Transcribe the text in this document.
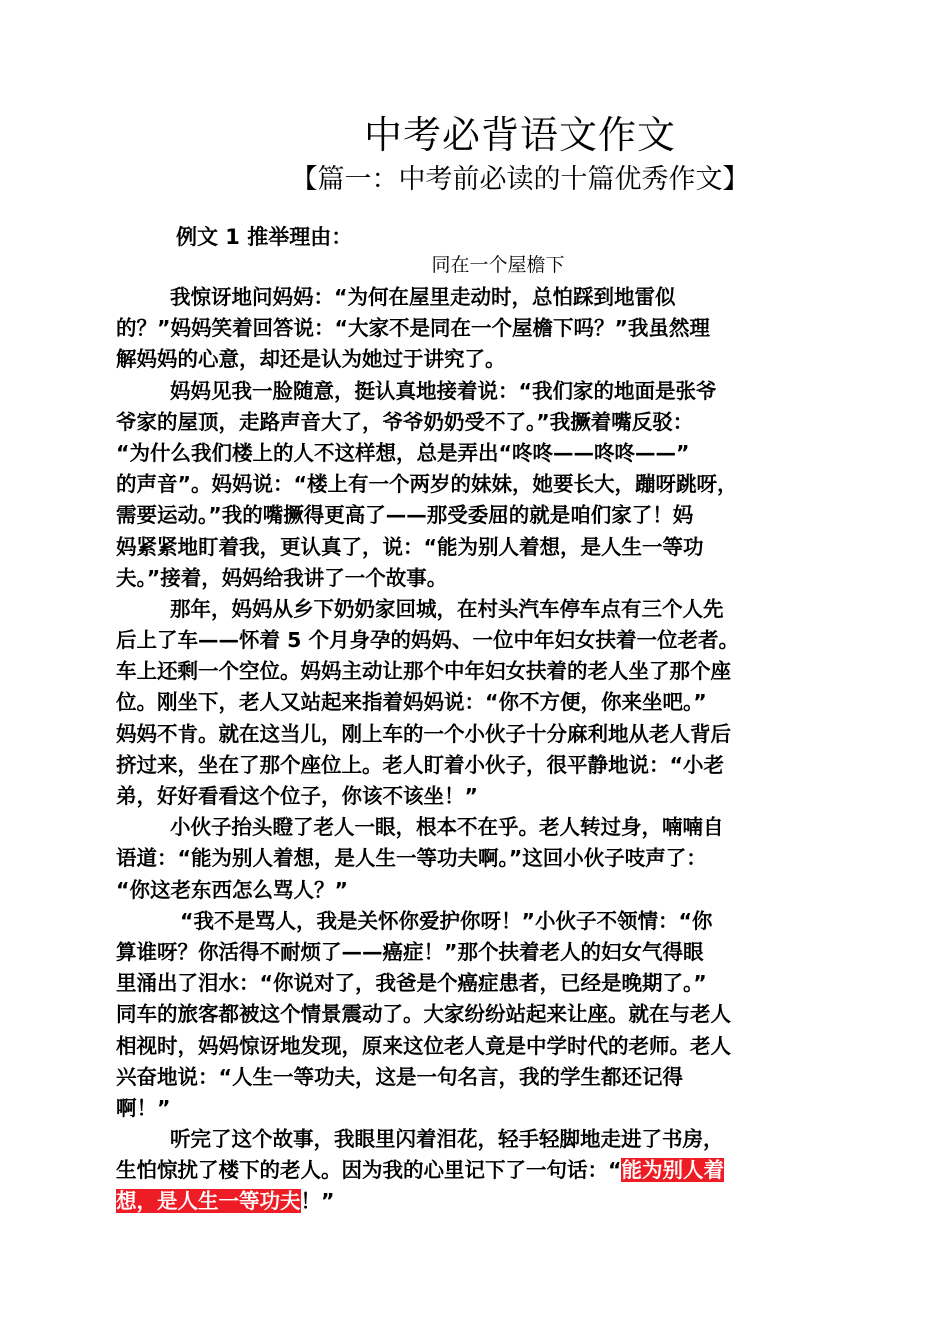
中考必背语文作文
【篇一：中考前必读的十篇优秀作文】
例文 1 推举理由：
同在一个屋檐下
我惊讶地问妈妈：“为何在屋里走动时，总怕踩到地雷似
的？”妈妈笑着回答说：“大家不是同在一个屋檐下吗？”我虽然理
解妈妈的心意，却还是认为她过于讲究了。
妈妈见我一脸随意，挺认真地接着说：“我们家的地面是张爷
爷家的屋顶，走路声音大了，爷爷奶奶受不了。”我撅着嘴反驳：
“为什么我们楼上的人不这样想，总是弄出“咚咚——咚咚——”
的声音”。妈妈说：“楼上有一个两岁的妹妹，她要长大，蹦呀跳呀，
需要运动。”我的嘴撅得更高了——那受委屈的就是咱们家了！妈
妈紧紧地盯着我，更认真了，说：“能为别人着想，是人生一等功
夫。”接着，妈妈给我讲了一个故事。
那年，妈妈从乡下奶奶家回城，在村头汽车停车点有三个人先
后上了车——怀着 5 个月身孕的妈妈、一位中年妇女扶着一位老者。
车上还剩一个空位。妈妈主动让那个中年妇女扶着的老人坐了那个座
位。刚坐下，老人又站起来指着妈妈说：“你不方便，你来坐吧。”
妈妈不肯。就在这当儿，刚上车的一个小伙子十分麻利地从老人背后
挤过来，坐在了那个座位上。老人盯着小伙子，很平静地说：“小老
弟，好好看看这个位子，你该不该坐！”
小伙子抬头瞪了老人一眼，根本不在乎。老人转过身，喃喃自
语道：“能为别人着想，是人生一等功夫啊。”这回小伙子吱声了：
“你这老东西怎么骂人？”
“我不是骂人，我是关怀你爱护你呀！”小伙子不领情：“你
算谁呀？你活得不耐烦了——癌症！”那个扶着老人的妇女气得眼
里涌出了泪水：“你说对了，我爸是个癌症患者，已经是晚期了。”
同车的旅客都被这个情景震动了。大家纷纷站起来让座。就在与老人
相视时，妈妈惊讶地发现，原来这位老人竟是中学时代的老师。老人
兴奋地说：“人生一等功夫，这是一句名言，我的学生都还记得
啊！”
听完了这个故事，我眼里闪着泪花，轻手轻脚地走进了书房，
生怕惊扰了楼下的老人。因为我的心里记下了一句话：“能为别人着
想，是人生一等功夫！”
